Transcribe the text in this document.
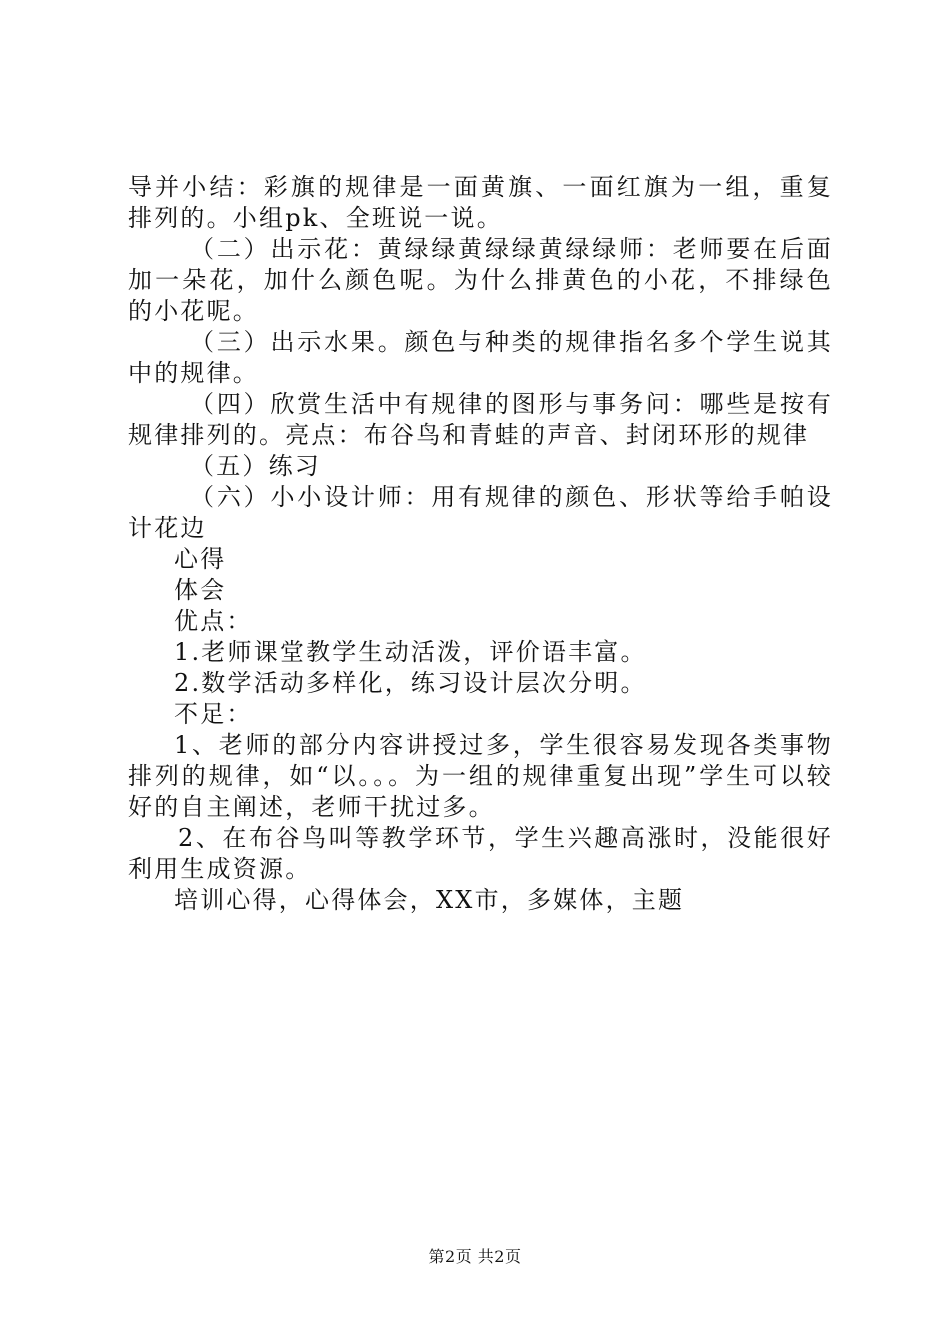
导并小结：彩旗的规律是一面黄旗、一面红旗为一组，重复排列的。小组pk、全班说一说。

（二）出示花：黄绿绿黄绿绿黄绿绿师：老师要在后面加一朵花，加什么颜色呢。为什么排黄色的小花，不排绿色的小花呢。

（三）出示水果。颜色与种类的规律指名多个学生说其中的规律。

（四）欣赏生活中有规律的图形与事务问：哪些是按有规律排列的。亮点：布谷鸟和青蛙的声音、封闭环形的规律

（五）练习

（六）小小设计师：用有规律的颜色、形状等给手帕设计花边

心得

体会

优点：

1.老师课堂教学生动活泼，评价语丰富。

2.数学活动多样化，练习设计层次分明。

不足：

1、老师的部分内容讲授过多，学生很容易发现各类事物排列的规律，如“以。。。为一组的规律重复出现”学生可以较好的自主阐述，老师干扰过多。

2、在布谷鸟叫等教学环节，学生兴趣高涨时，没能很好利用生成资源。

培训心得，心得体会，XX市，多媒体，主题

第2页 共2页
